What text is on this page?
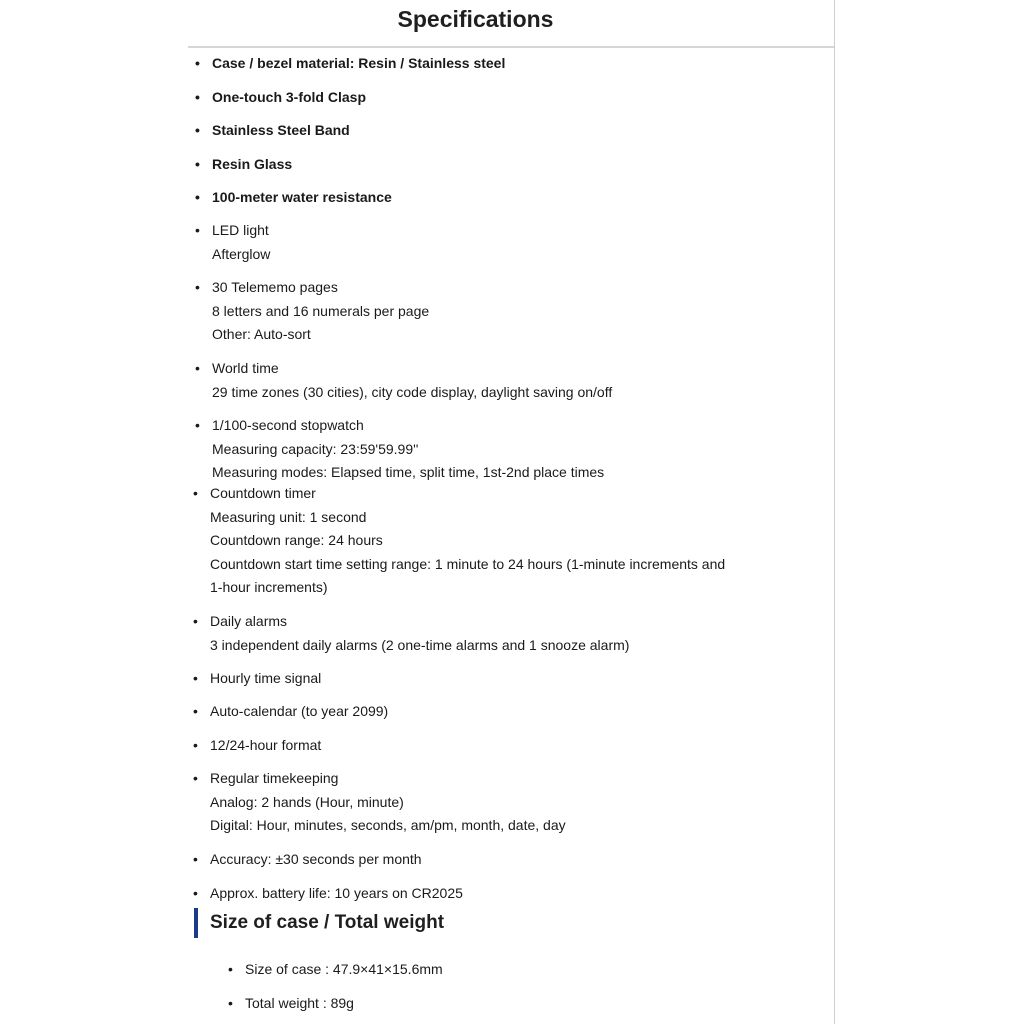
Specifications
• Case / bezel material: Resin / Stainless steel
• One-touch 3-fold Clasp
• Stainless Steel Band
• Resin Glass
• 100-meter water resistance
• LED light
Afterglow
• 30 Telememo pages
8 letters and 16 numerals per page
Other: Auto-sort
• World time
29 time zones (30 cities), city code display, daylight saving on/off
• 1/100-second stopwatch
Measuring capacity: 23:59'59.99''
Measuring modes: Elapsed time, split time, 1st-2nd place times
• Countdown timer
Measuring unit: 1 second
Countdown range: 24 hours
Countdown start time setting range: 1 minute to 24 hours (1-minute increments and
1-hour increments)
• Daily alarms
3 independent daily alarms (2 one-time alarms and 1 snooze alarm)
• Hourly time signal
• Auto-calendar (to year 2099)
• 12/24-hour format
• Regular timekeeping
Analog: 2 hands (Hour, minute)
Digital: Hour, minutes, seconds, am/pm, month, date, day
• Accuracy: ±30 seconds per month
• Approx. battery life: 10 years on CR2025
Size of case / Total weight
• Size of case : 47.9×41×15.6mm
• Total weight : 89g
